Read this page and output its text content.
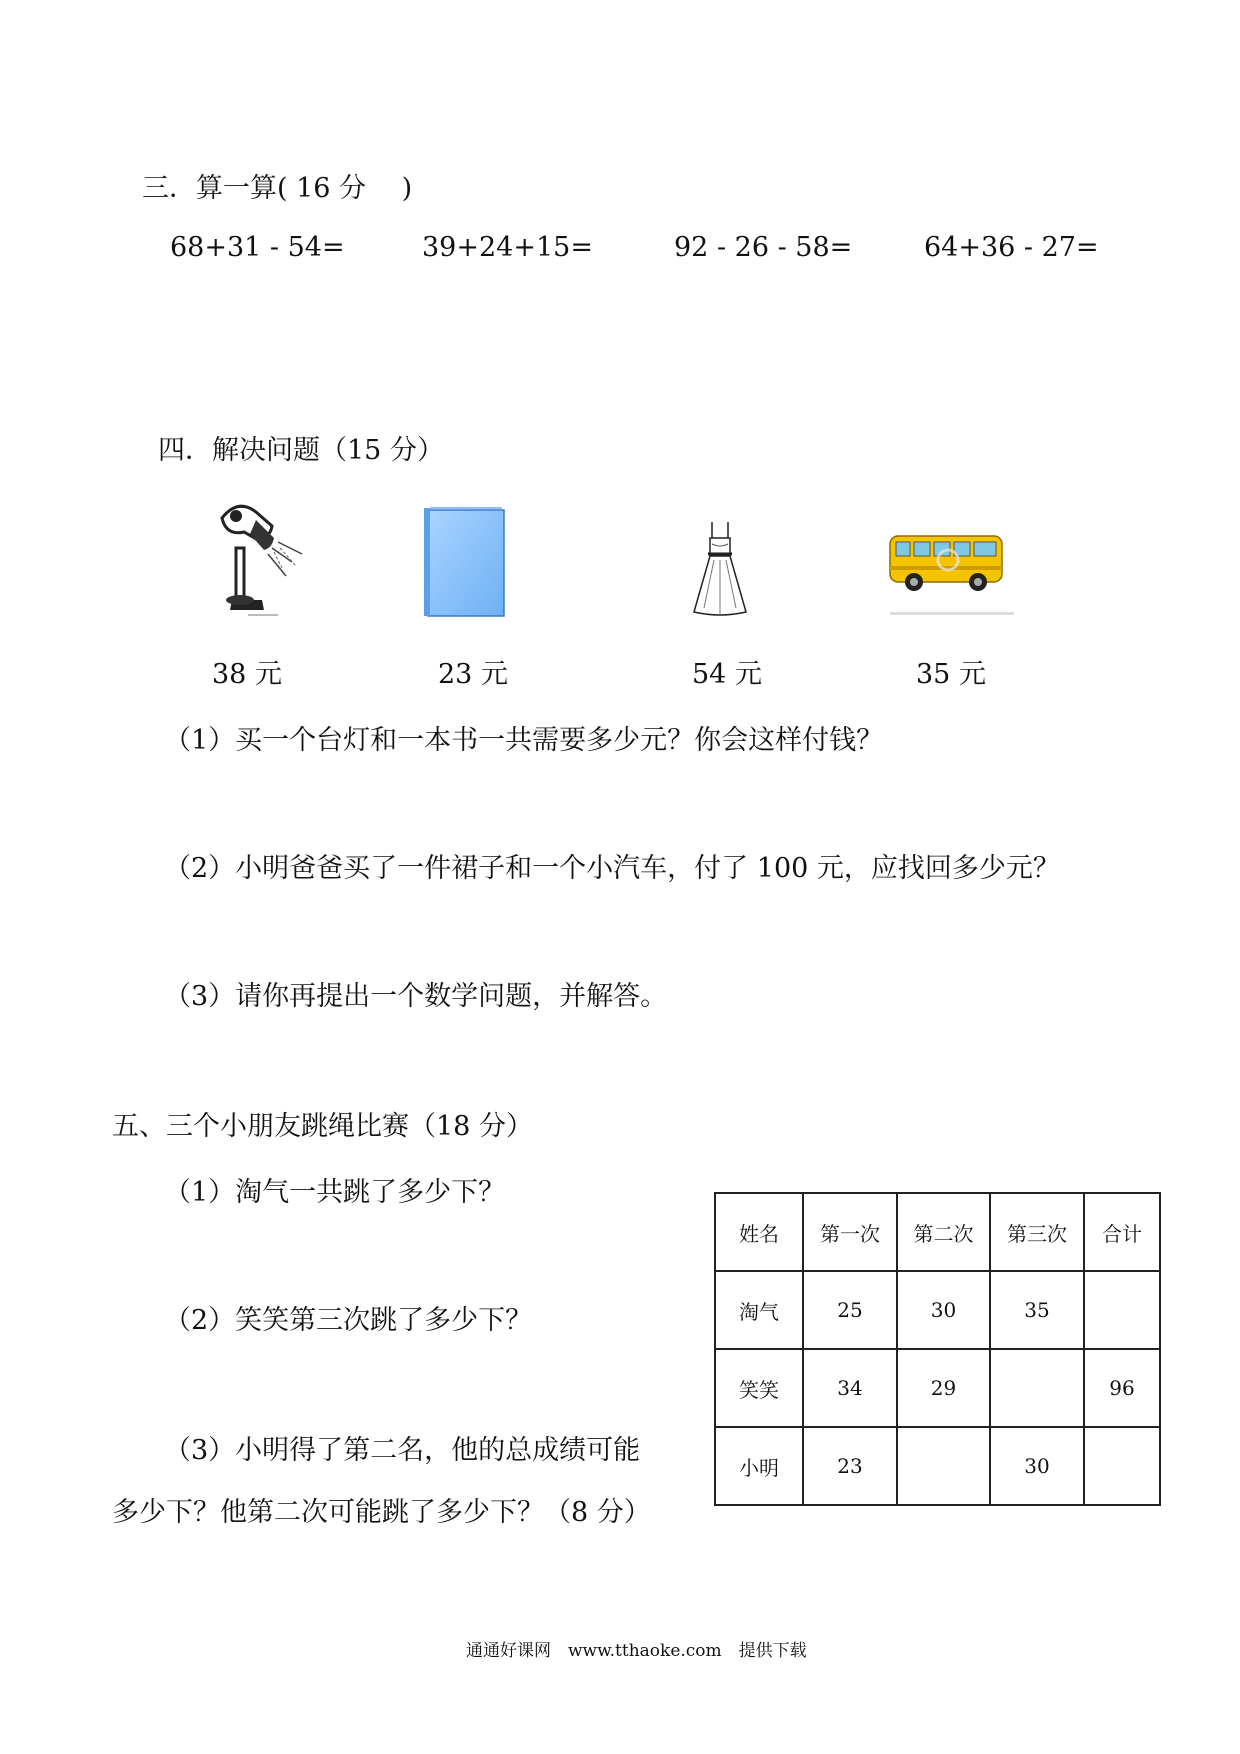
三．算一算( 16 分　 )
68+31 - 54=	39+24+15=	92 - 26 - 58=	64+36 - 27=
四．解决问题（15 分）
38 元	23 元	54 元	35 元
（1）买一个台灯和一本书一共需要多少元？你会这样付钱？
（2）小明爸爸买了一件裙子和一个小汽车，付了 100 元，应找回多少元？
（3）请你再提出一个数学问题，并解答。
五、三个小朋友跳绳比赛（18 分）
（1）淘气一共跳了多少下？
（2）笑笑第三次跳了多少下？
（3）小明得了第二名，他的总成绩可能
多少下？他第二次可能跳了多少下？（8 分）
姓名	第一次	第二次	第三次	合计
淘气	25	30	35	
笑笑	34	29		96
小明	23		30	
通通好课网　www.tthaoke.com　提供下载
